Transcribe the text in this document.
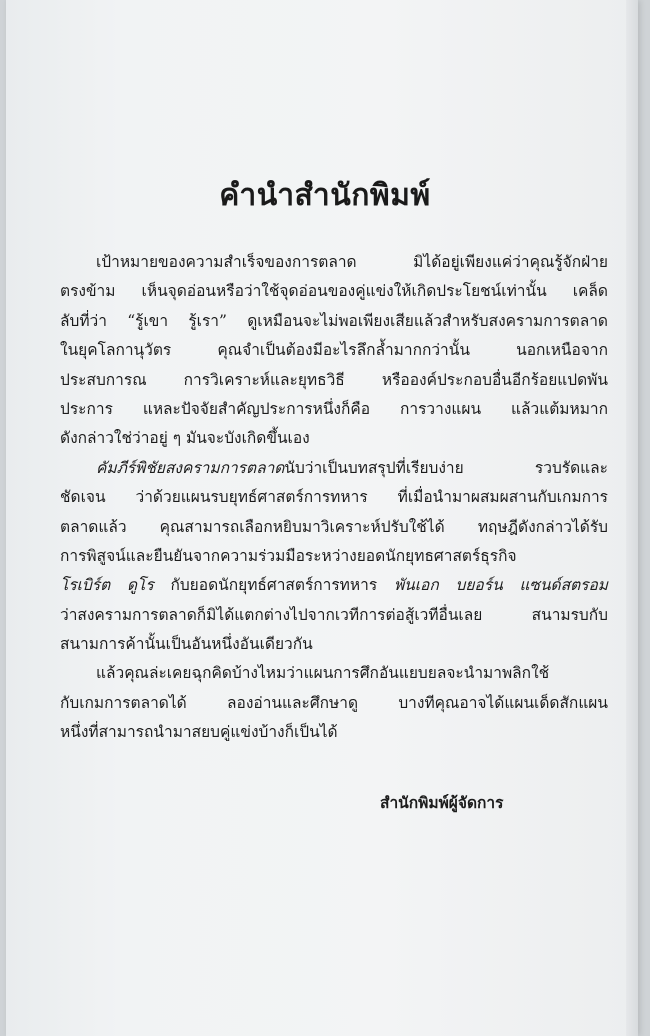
คำนำสำนักพิมพ์
เป้าหมายของความสำเร็จของการตลาด มิได้อยู่เพียงแค่ว่าคุณรู้จักฝ่าย
ตรงข้าม เห็นจุดอ่อนหรือว่าใช้จุดอ่อนของคู่แข่งให้เกิดประโยชน์เท่านั้น เคล็ด
ลับที่ว่า “รู้เขา รู้เรา” ดูเหมือนจะไม่พอเพียงเสียแล้วสำหรับสงครามการตลาด
ในยุคโลกานุวัตร คุณจำเป็นต้องมีอะไรลึกล้ำมากกว่านั้น นอกเหนือจาก
ประสบการณ การวิเคราะห์และยุทธวิธี หรือองค์ประกอบอื่นอีกร้อยแปดพัน
ประการ แหละปัจจัยสำคัญประการหนึ่งก็คือ การวางแผน แล้วแต้มหมาก
ดังกล่าวใช่ว่าอยู่ ๆ มันจะบังเกิดขึ้นเอง
คัมภีร์พิชัยสงครามการตลาดนับว่าเป็นบทสรุปที่เรียบง่าย รวบรัดและ
ชัดเจน ว่าด้วยแผนรบยุทธ์ศาสตร์การทหาร ที่เมื่อนำมาผสมผสานกับเกมการ
ตลาดแล้ว คุณสามารถเลือกหยิบมาวิเคราะห์ปรับใช้ได้ ทฤษฎีดังกล่าวได้รับ
การพิสูจน์และยืนยันจากความร่วมมือระหว่างยอดนักยุทธศาสตร์ธุรกิจ
โรเบิร์ต ดูโร กับยอดนักยุทธ์ศาสตร์การทหาร พันเอก บยอร์น แซนด์สตรอม
ว่าสงครามการตลาดก็มิได้แตกต่างไปจากเวทีการต่อสู้เวทีอื่นเลย สนามรบกับ
สนามการค้านั้นเป็นอันหนึ่งอันเดียวกัน
แล้วคุณล่ะเคยฉุกคิดบ้างไหมว่าแผนการศึกอันแยบยลจะนำมาพลิกใช้
กับเกมการตลาดได้ ลองอ่านและศึกษาดู บางทีคุณอาจได้แผนเด็ดสักแผน
หนึ่งที่สามารถนำมาสยบคู่แข่งบ้างก็เป็นได้
สำนักพิมพ์ผู้จัดการ
